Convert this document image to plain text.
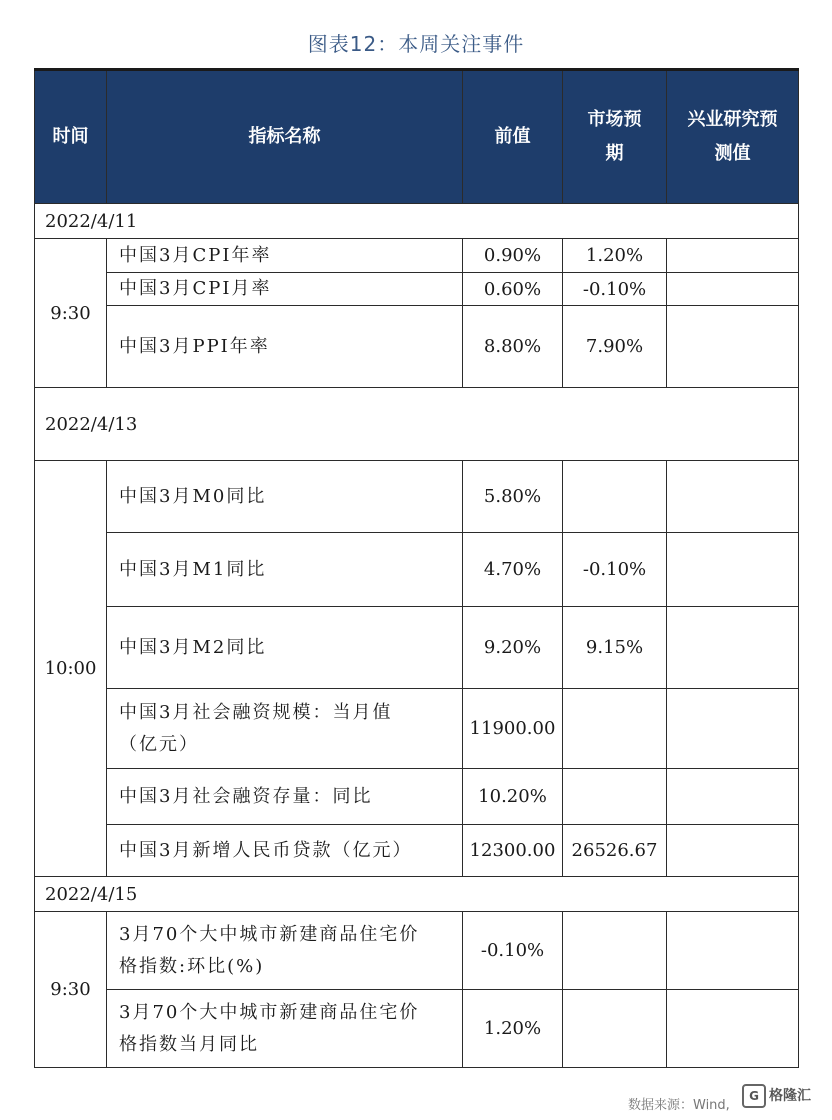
图表12：本周关注事件
时间	指标名称	前值	市场预
期	兴业研究预
测值
2022/4/11				
9:30	中国3月CPI年率	0.90%	1.20%	
	中国3月CPI月率	0.60%	-0.10%	
	中国3月PPI年率	8.80%	7.90%	
2022/4/13				
10:00	中国3月M0同比	5.80%		
	中国3月M1同比	4.70%	-0.10%	
	中国3月M2同比	9.20%	9.15%	
	中国3月社会融资规模：当月值
（亿元）	11900.00		
	中国3月社会融资存量：同比	10.20%		
	中国3月新增人民币贷款（亿元）	12300.00	26526.67	
2022/4/15				
9:30	3月70个大中城市新建商品住宅价
格指数:环比(%)	-0.10%		
	3月70个大中城市新建商品住宅价
格指数当月同比	1.20%		
数据来源：Wind,
G 格隆汇
